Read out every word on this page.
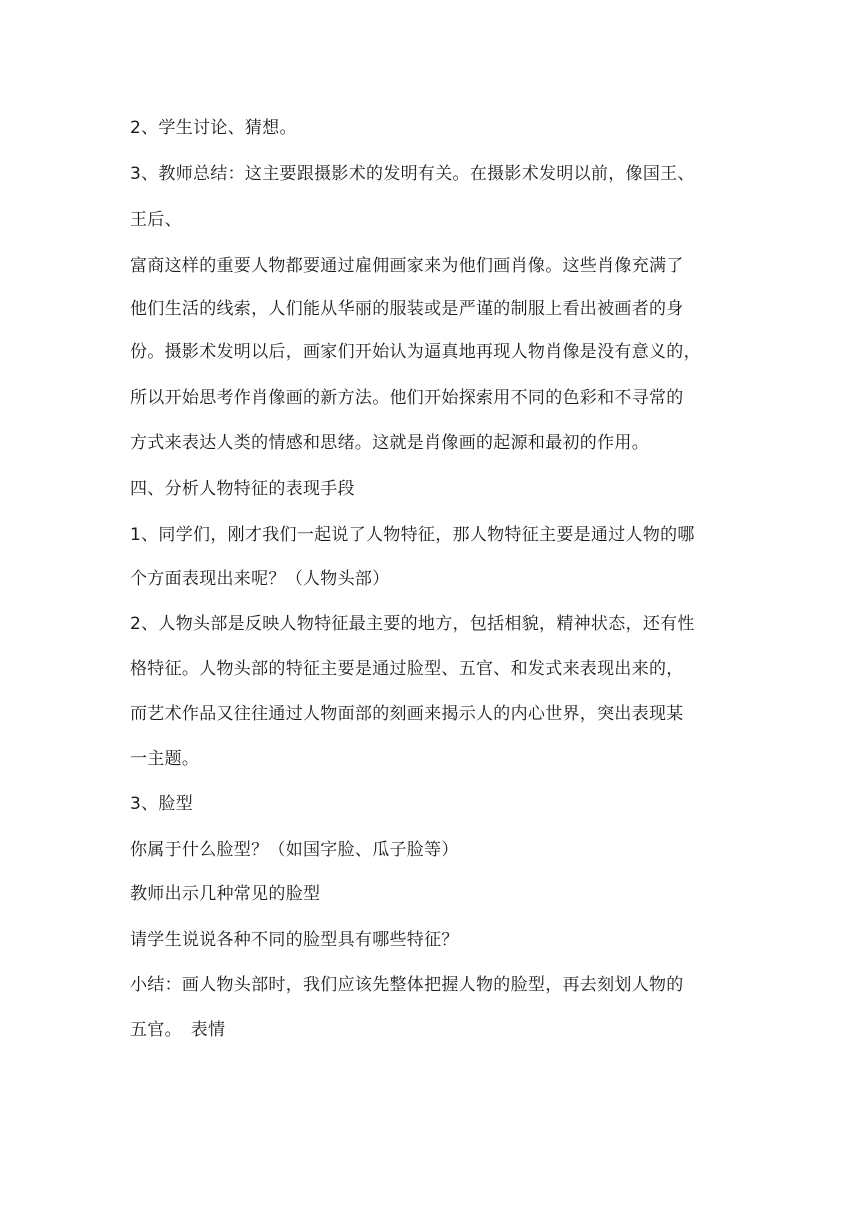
2、学生讨论、猜想。
3、教师总结：这主要跟摄影术的发明有关。在摄影术发明以前，像国王、
王后、
富商这样的重要人物都要通过雇佣画家来为他们画肖像。这些肖像充满了
他们生活的线索，人们能从华丽的服装或是严谨的制服上看出被画者的身
份。摄影术发明以后，画家们开始认为逼真地再现人物肖像是没有意义的，
所以开始思考作肖像画的新方法。他们开始探索用不同的色彩和不寻常的
方式来表达人类的情感和思绪。这就是肖像画的起源和最初的作用。
四、分析人物特征的表现手段
1、同学们，刚才我们一起说了人物特征，那人物特征主要是通过人物的哪
个方面表现出来呢？（人物头部）
2、人物头部是反映人物特征最主要的地方，包括相貌，精神状态，还有性
格特征。人物头部的特征主要是通过脸型、五官、和发式来表现出来的，
而艺术作品又往往通过人物面部的刻画来揭示人的内心世界，突出表现某
一主题。
3、脸型
你属于什么脸型？（如国字脸、瓜子脸等）
教师出示几种常见的脸型
请学生说说各种不同的脸型具有哪些特征？
小结：画人物头部时，我们应该先整体把握人物的脸型，再去刻划人物的
五官。　表情
